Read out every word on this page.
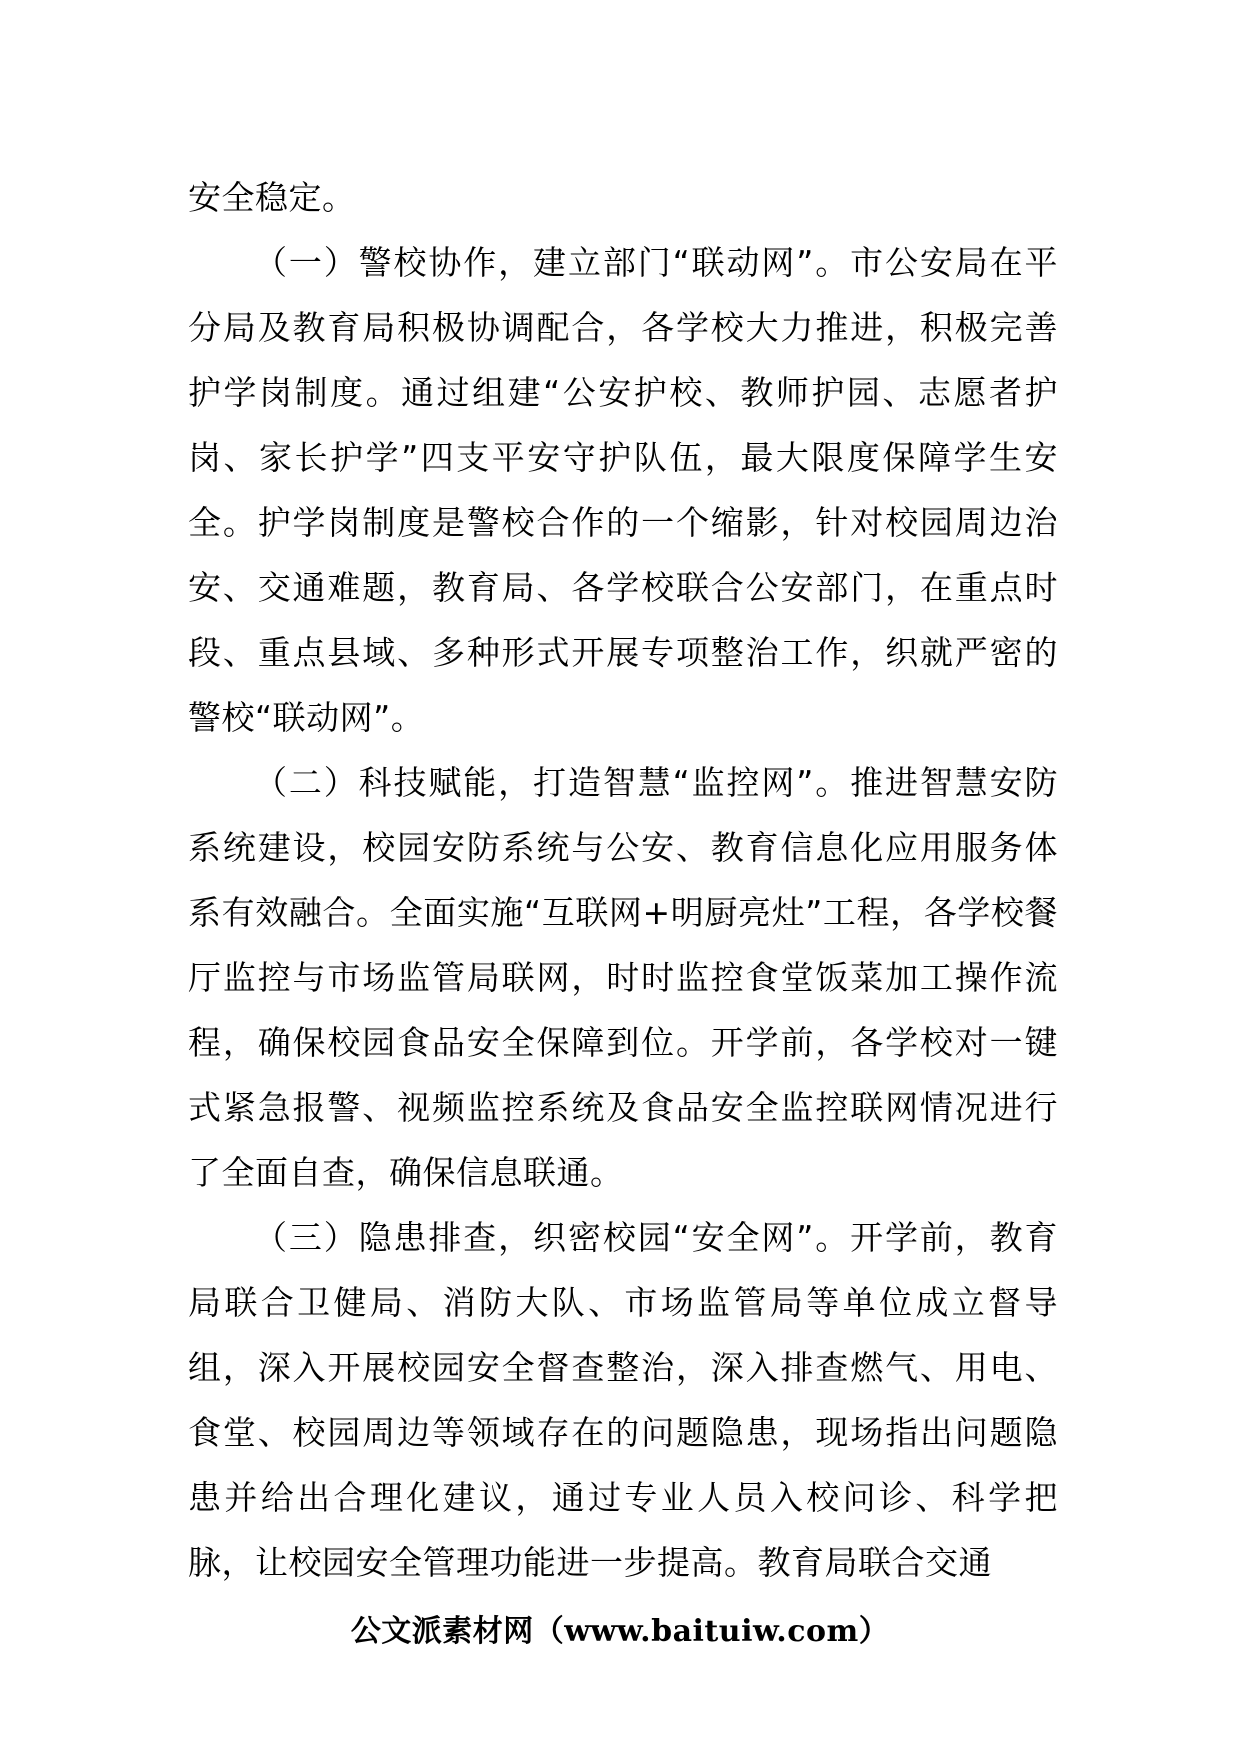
安全稳定。

（一）警校协作，建立部门“联动网”。市公安局在平分局及教育局积极协调配合，各学校大力推进，积极完善护学岗制度。通过组建“公安护校、教师护园、志愿者护岗、家长护学”四支平安守护队伍，最大限度保障学生安全。护学岗制度是警校合作的一个缩影，针对校园周边治安、交通难题，教育局、各学校联合公安部门，在重点时段、重点县域、多种形式开展专项整治工作，织就严密的警校“联动网”。

（二）科技赋能，打造智慧“监控网”。推进智慧安防系统建设，校园安防系统与公安、教育信息化应用服务体系有效融合。全面实施“互联网+明厨亮灶”工程，各学校餐厅监控与市场监管局联网，时时监控食堂饭菜加工操作流程，确保校园食品安全保障到位。开学前，各学校对一键式紧急报警、视频监控系统及食品安全监控联网情况进行了全面自查，确保信息联通。

（三）隐患排查，织密校园“安全网”。开学前，教育局联合卫健局、消防大队、市场监管局等单位成立督导组，深入开展校园安全督查整治，深入排查燃气、用电、食堂、校园周边等领域存在的问题隐患，现场指出问题隐患并给出合理化建议，通过专业人员入校问诊、科学把脉，让校园安全管理功能进一步提高。教育局联合交通

公文派素材网（www.baituiw.com）
